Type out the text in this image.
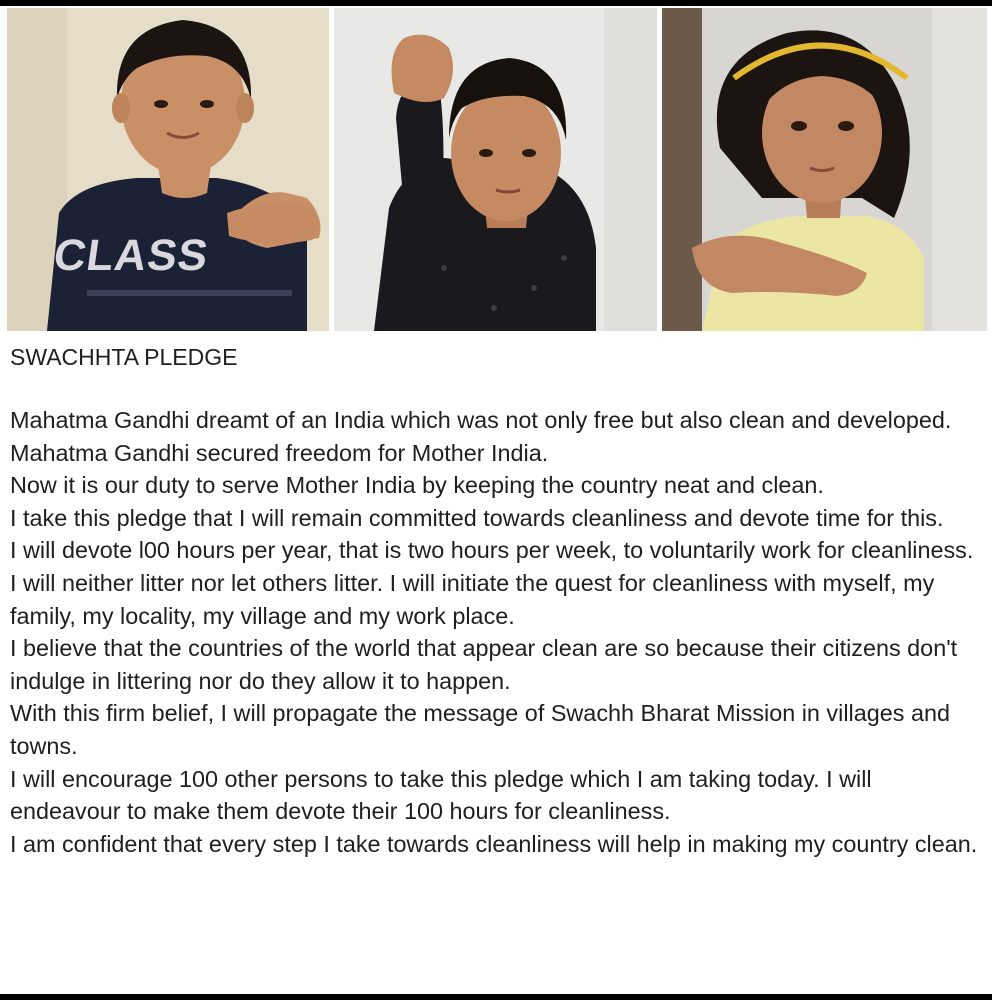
CLASS
SWACHHTA PLEDGE

Mahatma Gandhi dreamt of an India which was not only free but also clean and developed.

Mahatma Gandhi secured freedom for Mother India.

Now it is our duty to serve Mother India by keeping the country neat and clean.

I take this pledge that I will remain committed towards cleanliness and devote time for this.

I will devote l00 hours per year, that is two hours per week, to voluntarily work for cleanliness.

I will neither litter nor let others litter. I will initiate the quest for cleanliness with myself, my family, my locality, my village and my work place.

I believe that the countries of the world that appear clean are so because their citizens don't indulge in littering nor do they allow it to happen.

With this firm belief, I will propagate the message of Swachh Bharat Mission in villages and towns.

I will encourage 100 other persons to take this pledge which I am taking today. I will endeavour to make them devote their 100 hours for cleanliness.

I am confident that every step I take towards cleanliness will help in making my country clean.
